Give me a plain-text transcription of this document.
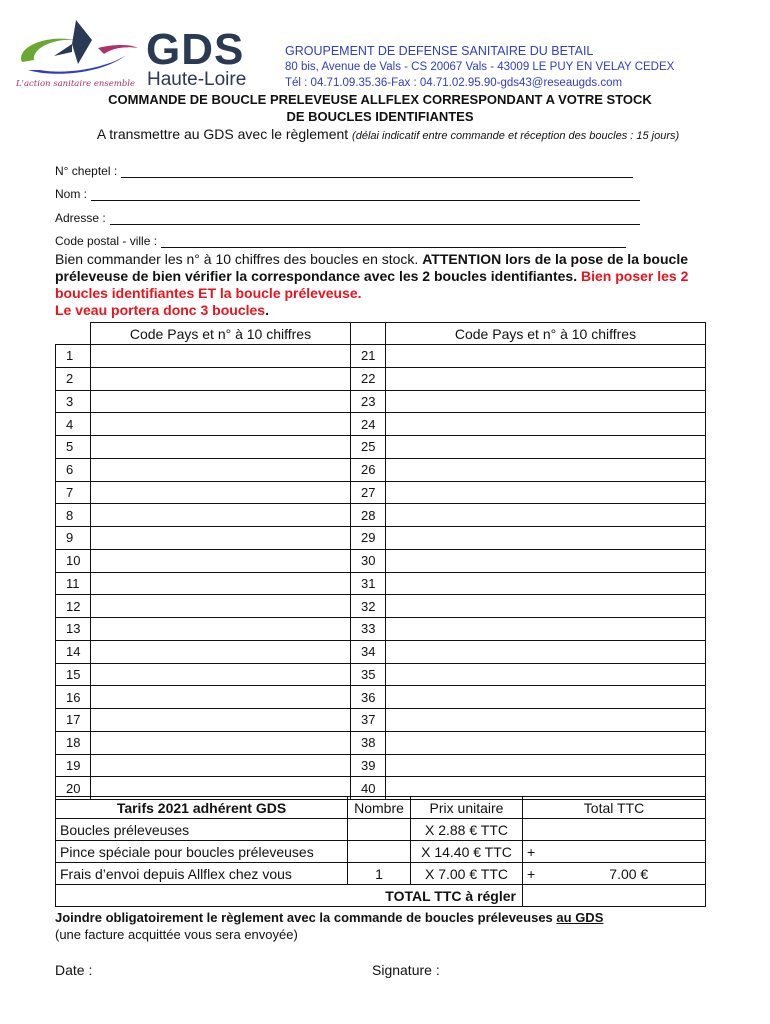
GDS
Haute-Loire
L'action sanitaire ensemble
GROUPEMENT DE DEFENSE SANITAIRE DU BETAIL
80 bis, Avenue de Vals - CS 20067 Vals - 43009 LE PUY EN VELAY CEDEX
Tél : 04.71.09.35.36-Fax : 04.71.02.95.90-gds43@reseaugds.com
COMMANDE DE BOUCLE PRELEVEUSE ALLFLEX CORRESPONDANT A VOTRE STOCK
DE BOUCLES IDENTIFIANTES
A transmettre au GDS avec le règlement (délai indicatif entre commande et réception des boucles : 15 jours)
N° cheptel :
Nom :
Adresse :
Code postal - ville :
Bien commander les n° à 10 chiffres des boucles en stock. ATTENTION lors de la pose de la boucle préleveuse de bien vérifier la correspondance avec les 2 boucles identifiantes. Bien poser les 2 boucles identifiantes ET la boucle préleveuse.
Le veau portera donc 3 boucles.
	Code Pays et n° à 10 chiffres		Code Pays et n° à 10 chiffres
1		21	
2		22	
3		23	
4		24	
5		25	
6		26	
7		27	
8		28	
9		29	
10		30	
11		31	
12		32	
13		33	
14		34	
15		35	
16		36	
17		37	
18		38	
19		39	
20		40	
Tarifs 2021 adhérent GDS	Nombre	Prix unitaire	Total TTC	
Boucles préleveuses		X 2.88 € TTC		
Pince spéciale pour boucles préleveuses		X 14.40 € TTC	+	
Frais d’envoi depuis Allflex chez vous	1	X 7.00 € TTC	+	7.00 €
TOTAL TTC à régler				
Joindre obligatoirement le règlement avec la commande de boucles préleveuses au GDS
(une facture acquittée vous sera envoyée)
Date :	Signature :
